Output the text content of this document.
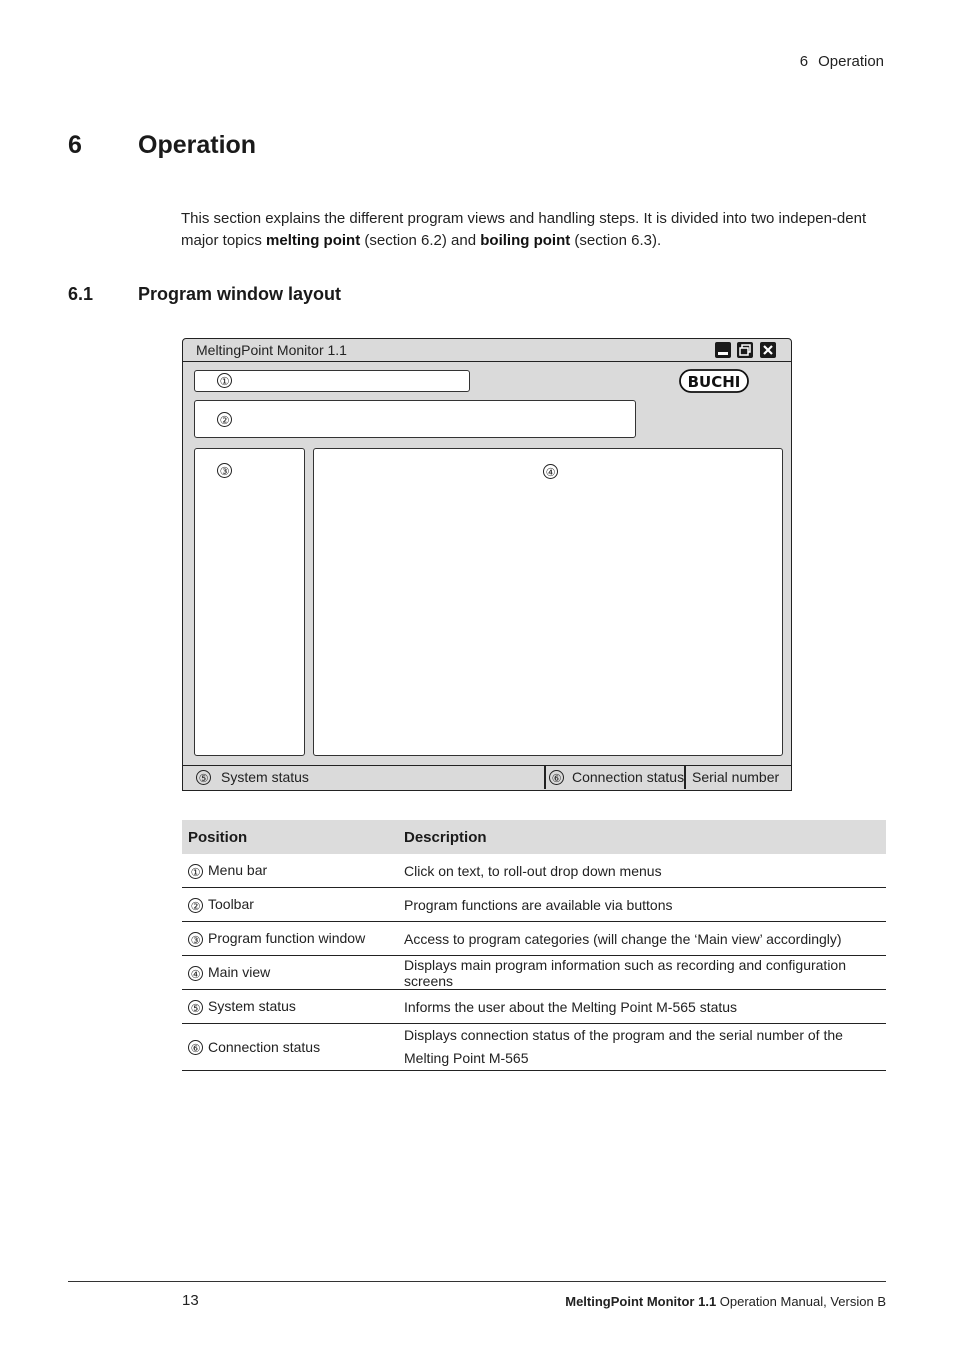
6 Operation
6 Operation
This section explains the different program views and handling steps. It is divided into two indepen-dent major topics melting point (section 6.2) and boiling point (section 6.3).
6.1 Program window layout
MeltingPoint Monitor 1.1
①	BUCHI
②
③	④
⑤ System status	⑥ Connection status Serial number
Position	Description
① Menu bar	Click on text, to roll-out drop down menus
② Toolbar	Program functions are available via buttons
③ Program function window	Access to program categories (will change the ‘Main view’ accordingly)
④ Main view	Displays main program information such as recording and configuration screens
⑤ System status	Informs the user about the Melting Point M-565 status
⑥ Connection status	Displays connection status of the program and the serial number of the Melting Point M-565
13	MeltingPoint Monitor 1.1 Operation Manual, Version B
